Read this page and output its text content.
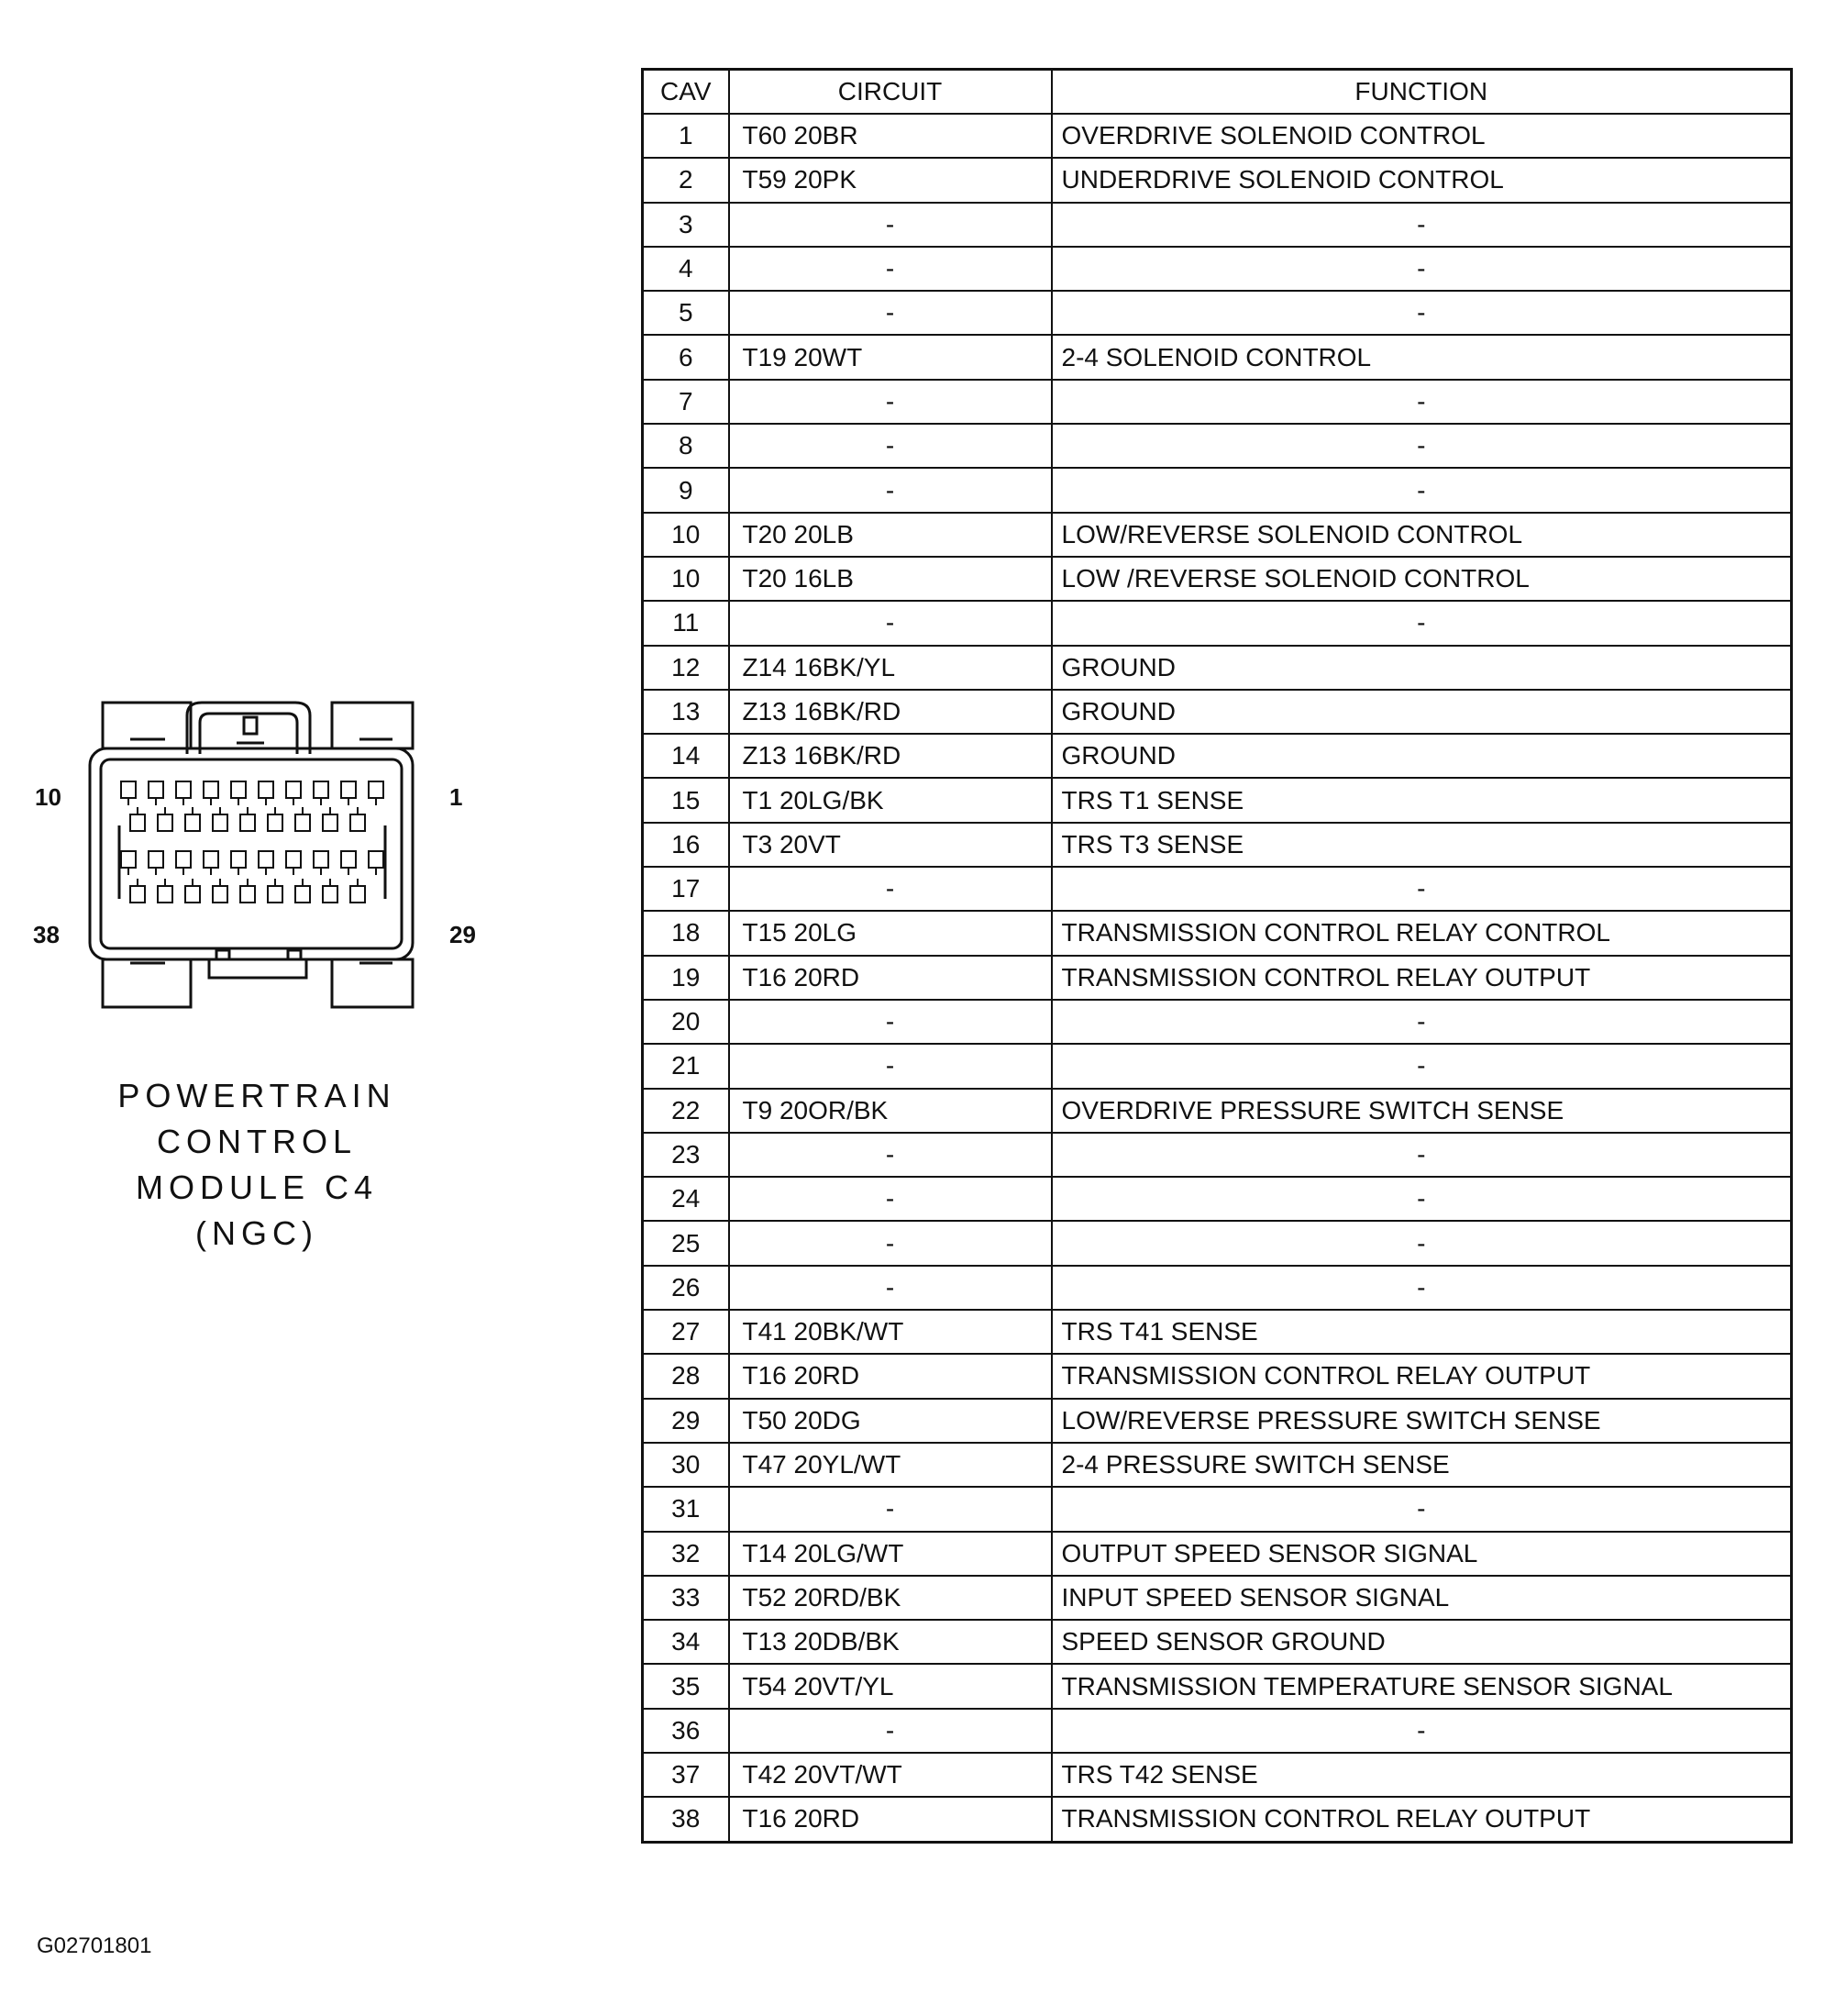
10	1
38	29
POWERTRAIN
CONTROL
MODULE C4
(NGC)
CAV	CIRCUIT	FUNCTION
1	T60 20BR	OVERDRIVE SOLENOID CONTROL
2	T59 20PK	UNDERDRIVE SOLENOID CONTROL
3	-	-
4	-	-
5	-	-
6	T19 20WT	2-4 SOLENOID CONTROL
7	-	-
8	-	-
9	-	-
10	T20 20LB	LOW/REVERSE SOLENOID CONTROL
10	T20 16LB	LOW /REVERSE SOLENOID CONTROL
11	-	-
12	Z14 16BK/YL	GROUND
13	Z13 16BK/RD	GROUND
14	Z13 16BK/RD	GROUND
15	T1 20LG/BK	TRS T1 SENSE
16	T3 20VT	TRS T3 SENSE
17	-	-
18	T15 20LG	TRANSMISSION CONTROL RELAY CONTROL
19	T16 20RD	TRANSMISSION CONTROL RELAY OUTPUT
20	-	-
21	-	-
22	T9 20OR/BK	OVERDRIVE PRESSURE SWITCH SENSE
23	-	-
24	-	-
25	-	-
26	-	-
27	T41 20BK/WT	TRS T41 SENSE
28	T16 20RD	TRANSMISSION CONTROL RELAY OUTPUT
29	T50 20DG	LOW/REVERSE PRESSURE SWITCH SENSE
30	T47 20YL/WT	2-4 PRESSURE SWITCH SENSE
31	-	-
32	T14 20LG/WT	OUTPUT SPEED SENSOR SIGNAL
33	T52 20RD/BK	INPUT SPEED SENSOR SIGNAL
34	T13 20DB/BK	SPEED SENSOR GROUND
35	T54 20VT/YL	TRANSMISSION TEMPERATURE SENSOR SIGNAL
36	-	-
37	T42 20VT/WT	TRS T42 SENSE
38	T16 20RD	TRANSMISSION CONTROL RELAY OUTPUT
G02701801
